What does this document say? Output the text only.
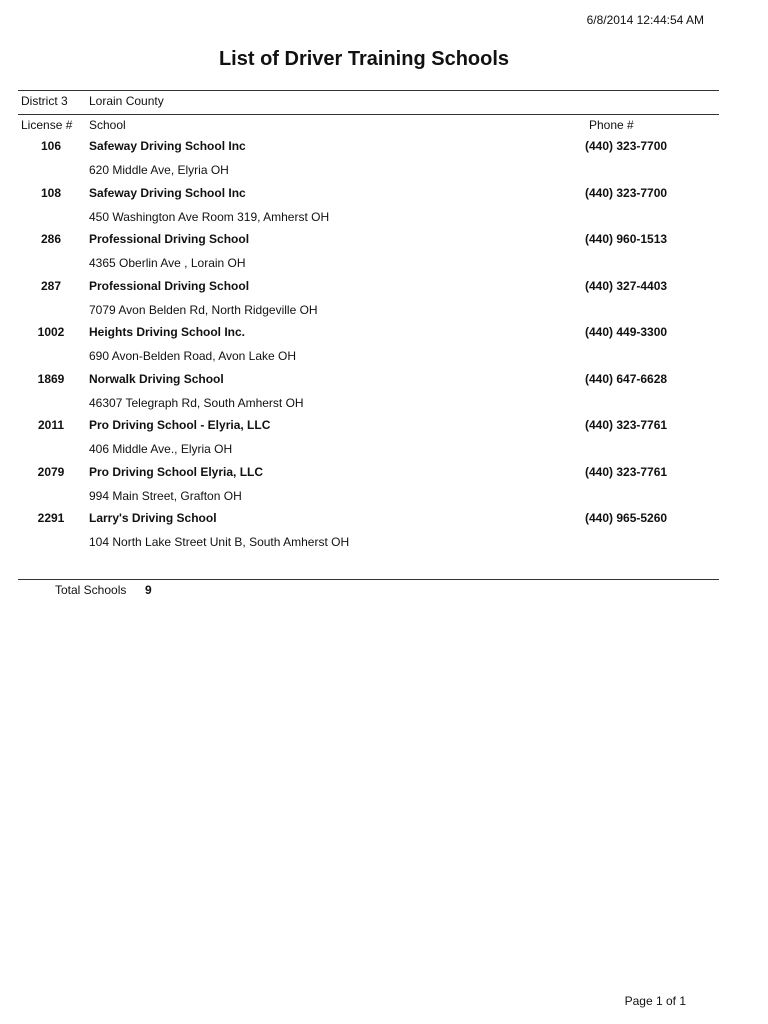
6/8/2014 12:44:54 AM
List of Driver Training Schools
District 3 Lorain County
License # School	Phone #
106	Safeway Driving School Inc	(440) 323-7700
620 Middle Ave, Elyria OH
108	Safeway Driving School Inc	(440) 323-7700
450 Washington Ave Room 319, Amherst OH
286	Professional Driving School	(440) 960-1513
4365 Oberlin Ave , Lorain OH
287	Professional Driving School	(440) 327-4403
7079 Avon Belden Rd, North Ridgeville OH
1002	Heights Driving School Inc.	(440) 449-3300
690 Avon-Belden Road, Avon Lake OH
1869	Norwalk Driving School	(440) 647-6628
46307 Telegraph Rd, South Amherst OH
2011	Pro Driving School - Elyria, LLC	(440) 323-7761
406 Middle Ave., Elyria OH
2079	Pro Driving School Elyria, LLC	(440) 323-7761
994 Main Street, Grafton OH
2291	Larry's Driving School	(440) 965-5260
104 North Lake Street Unit B, South Amherst OH
Total Schools 9
Page 1 of 1
